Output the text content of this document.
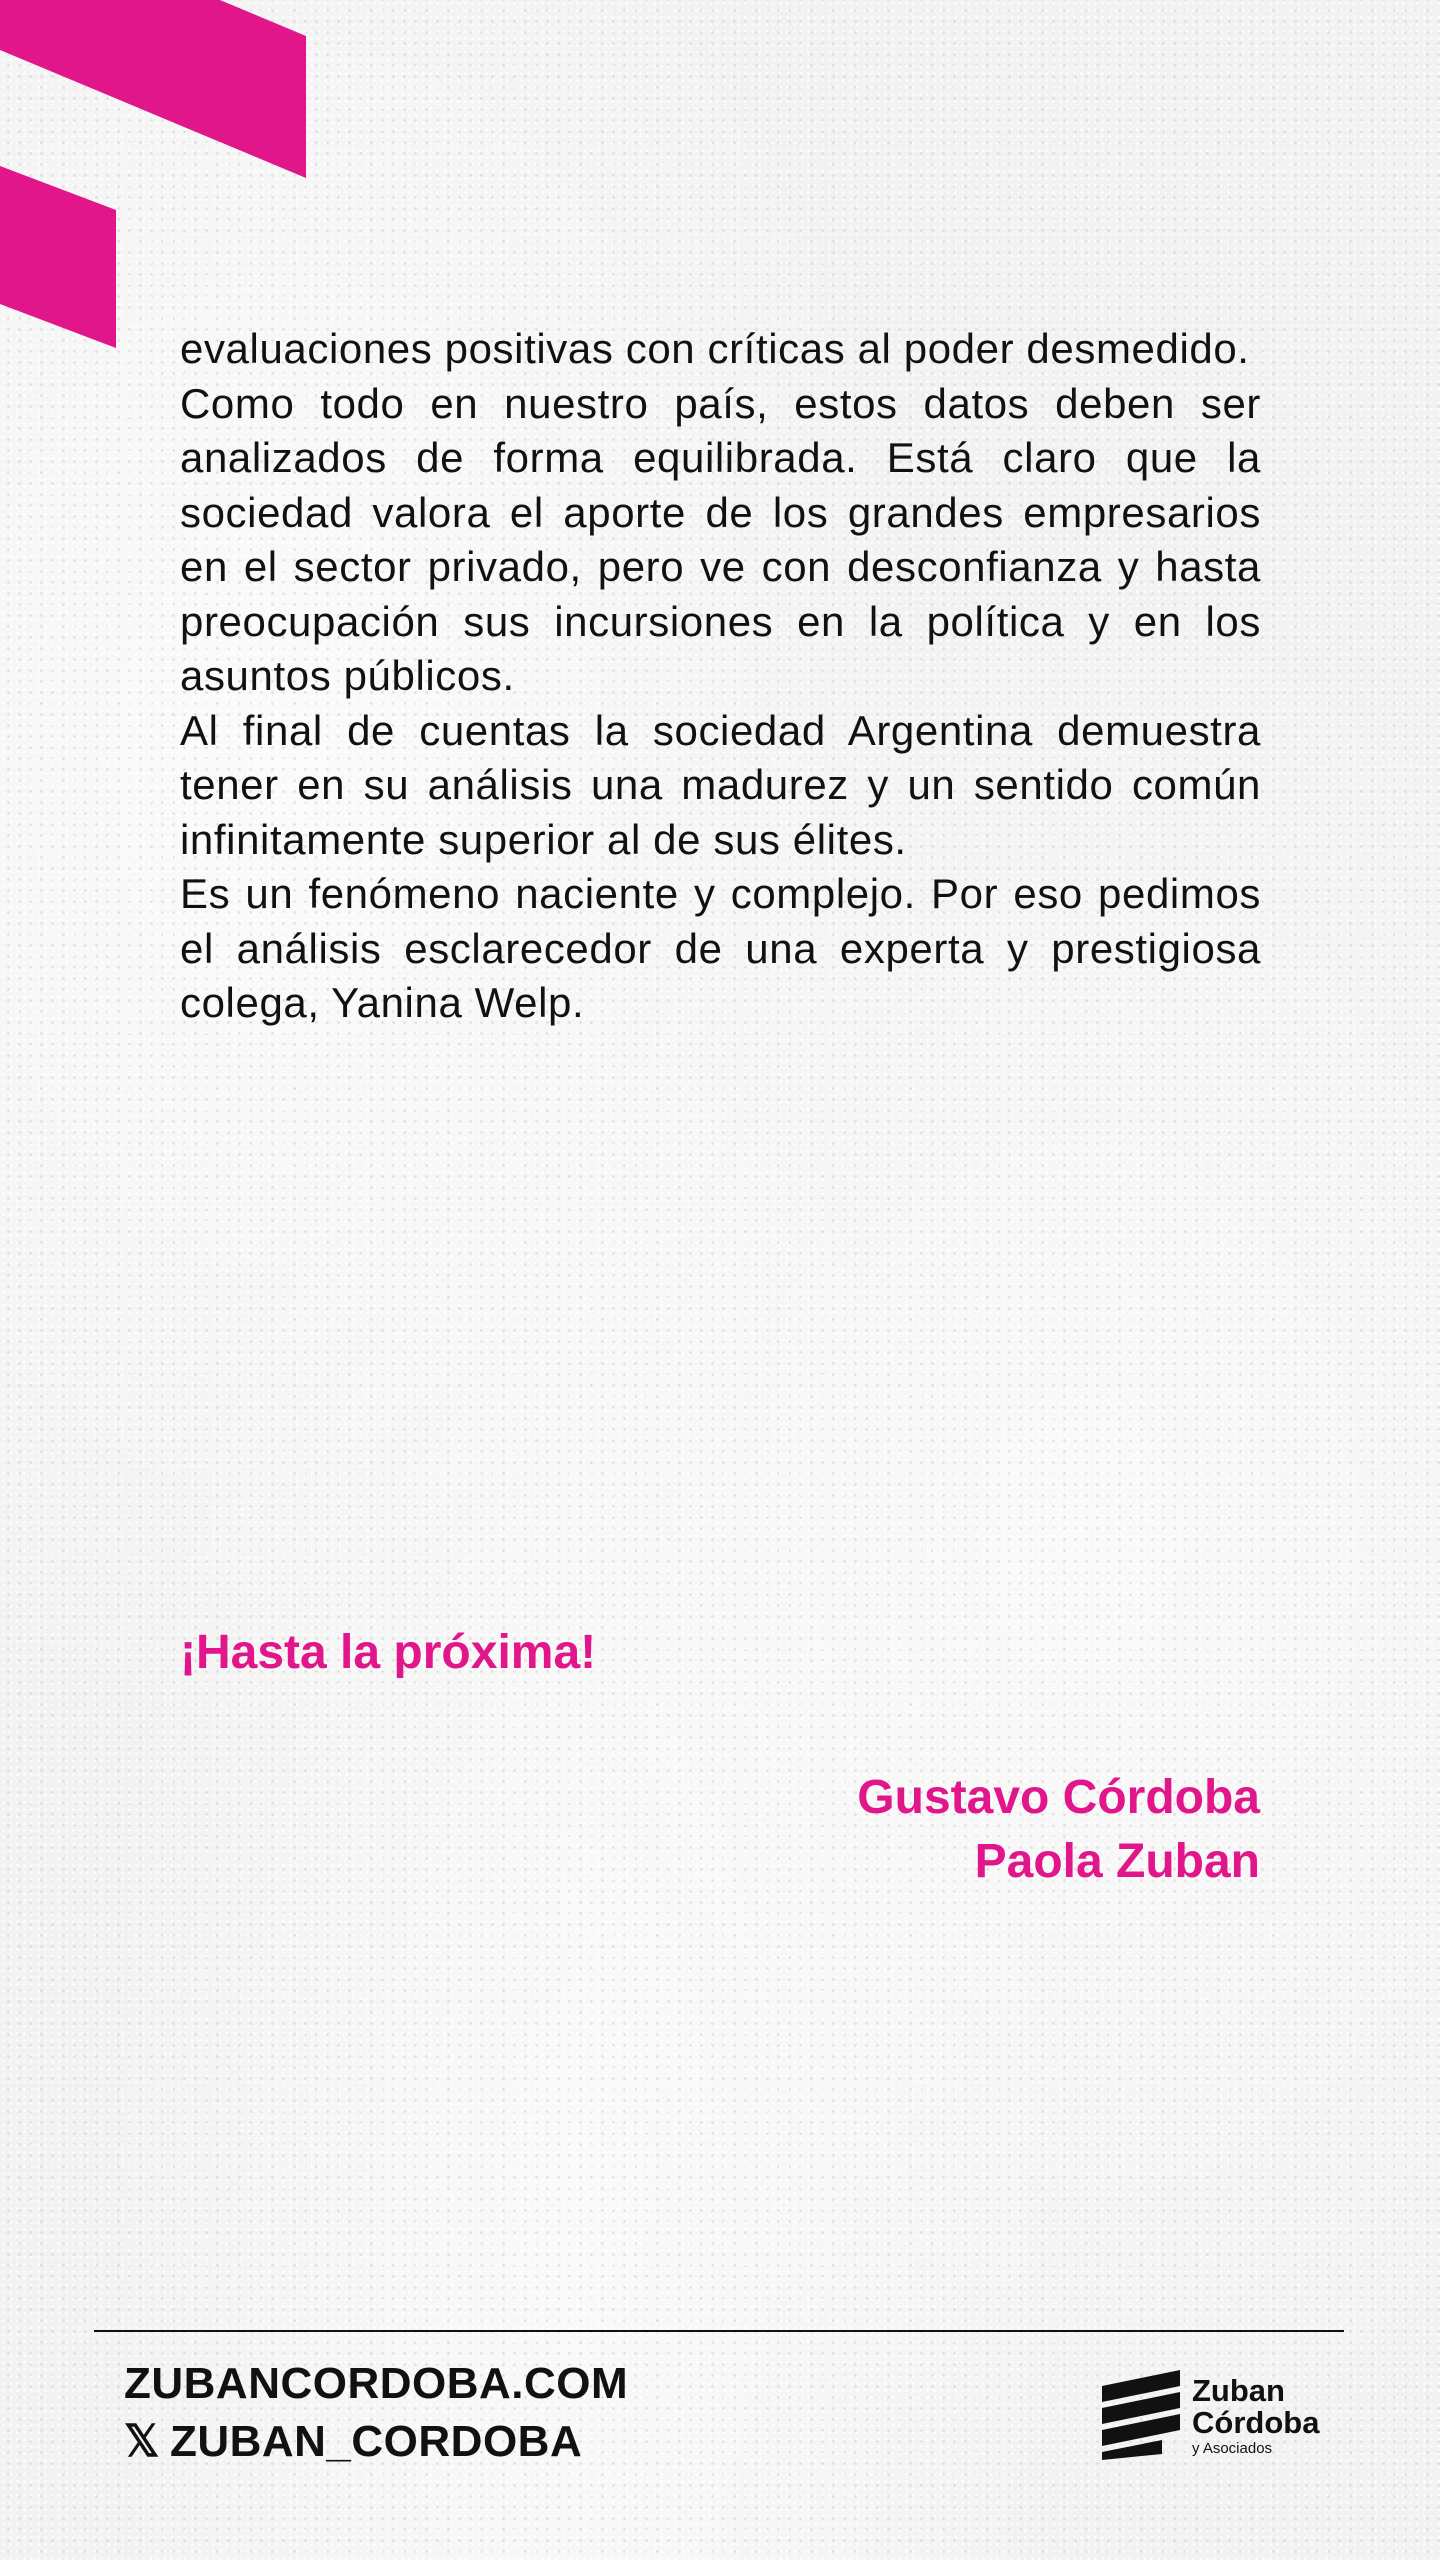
evaluaciones positivas con críticas al poder desmedido.

Como todo en nuestro país, estos datos deben ser analizados de forma equilibrada. Está claro que la sociedad valora el aporte de los grandes empresarios en el sector privado, pero ve con desconfianza y hasta preocupación sus incursiones en la política y en los asuntos públicos.

Al final de cuentas la sociedad Argentina demuestra tener en su análisis una madurez y un sentido común infinitamente superior al de sus élites.

Es un fenómeno naciente y complejo. Por eso pedimos el análisis esclarecedor de una experta y prestigiosa colega, Yanina Welp.

¡Hasta la próxima!
Gustavo Córdoba
Paola Zuban
ZUBANCORDOBA.COM
𝕏 ZUBAN_CORDOBA
Zuban
Córdoba
y Asociados
